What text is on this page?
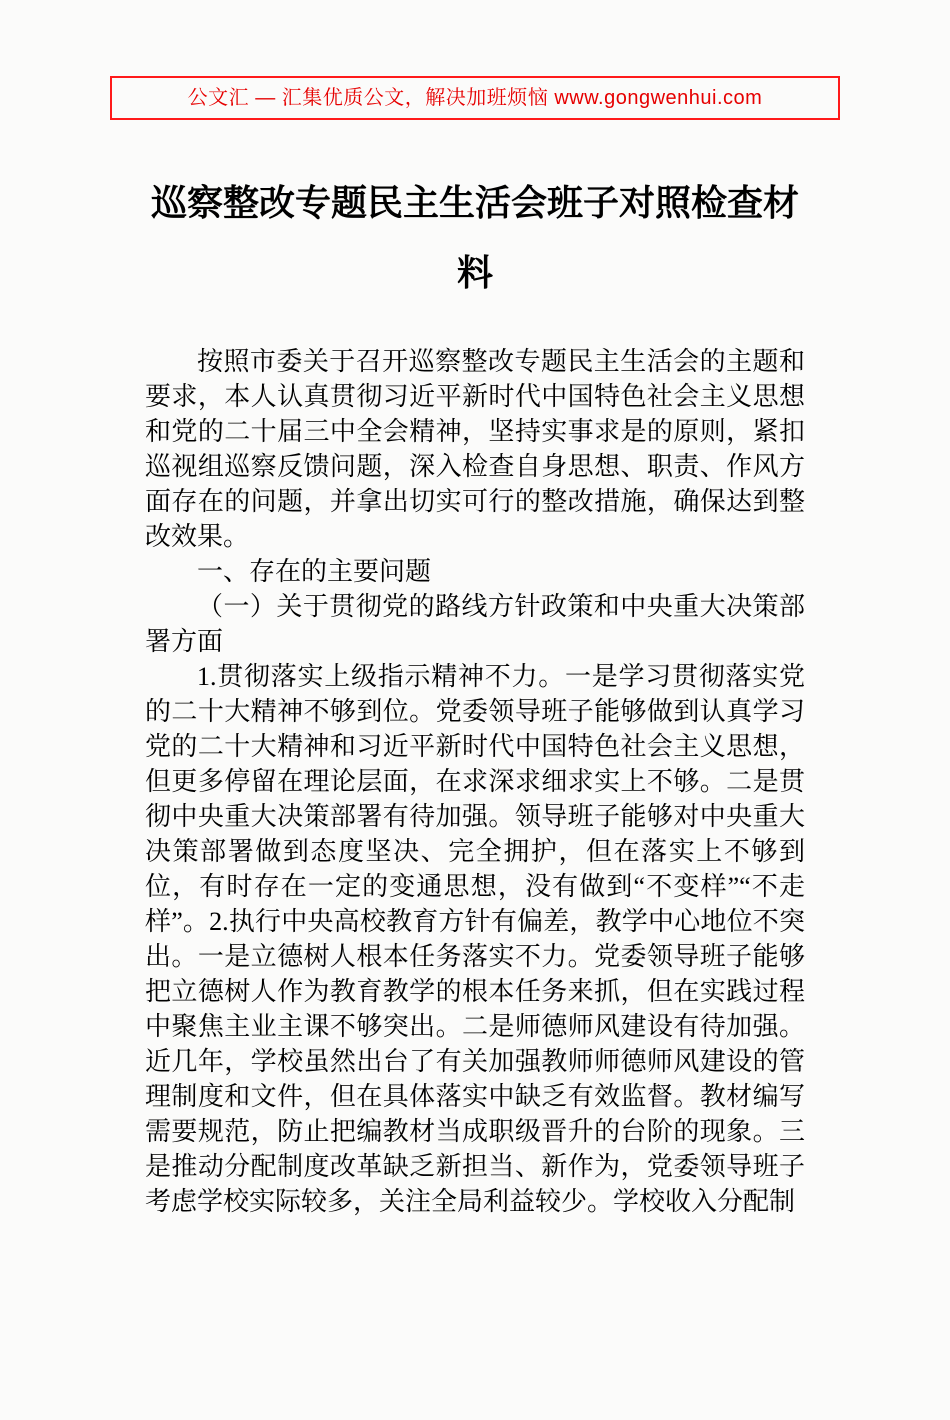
公文汇 — 汇集优质公文，解决加班烦恼 www.gongwenhui.com
巡察整改专题民主生活会班子对照检查材料

按照市委关于召开巡察整改专题民主生活会的主题和要求，本人认真贯彻习近平新时代中国特色社会主义思想和党的二十届三中全会精神，坚持实事求是的原则，紧扣巡视组巡察反馈问题，深入检查自身思想、职责、作风方面存在的问题，并拿出切实可行的整改措施，确保达到整改效果。

一、存在的主要问题

（一）关于贯彻党的路线方针政策和中央重大决策部署方面

1.贯彻落实上级指示精神不力。一是学习贯彻落实党的二十大精神不够到位。党委领导班子能够做到认真学习党的二十大精神和习近平新时代中国特色社会主义思想，但更多停留在理论层面，在求深求细求实上不够。二是贯彻中央重大决策部署有待加强。领导班子能够对中央重大决策部署做到态度坚决、完全拥护，但在落实上不够到位，有时存在一定的变通思想，没有做到“不变样”“不走样”。2.执行中央高校教育方针有偏差，教学中心地位不突出。一是立德树人根本任务落实不力。党委领导班子能够把立德树人作为教育教学的根本任务来抓，但在实践过程中聚焦主业主课不够突出。二是师德师风建设有待加强。近几年，学校虽然出台了有关加强教师师德师风建设的管理制度和文件，但在具体落实中缺乏有效监督。教材编写需要规范，防止把编教材当成职级晋升的台阶的现象。三是推动分配制度改革缺乏新担当、新作为，党委领导班子考虑学校实际较多，关注全局利益较少。学校收入分配制
